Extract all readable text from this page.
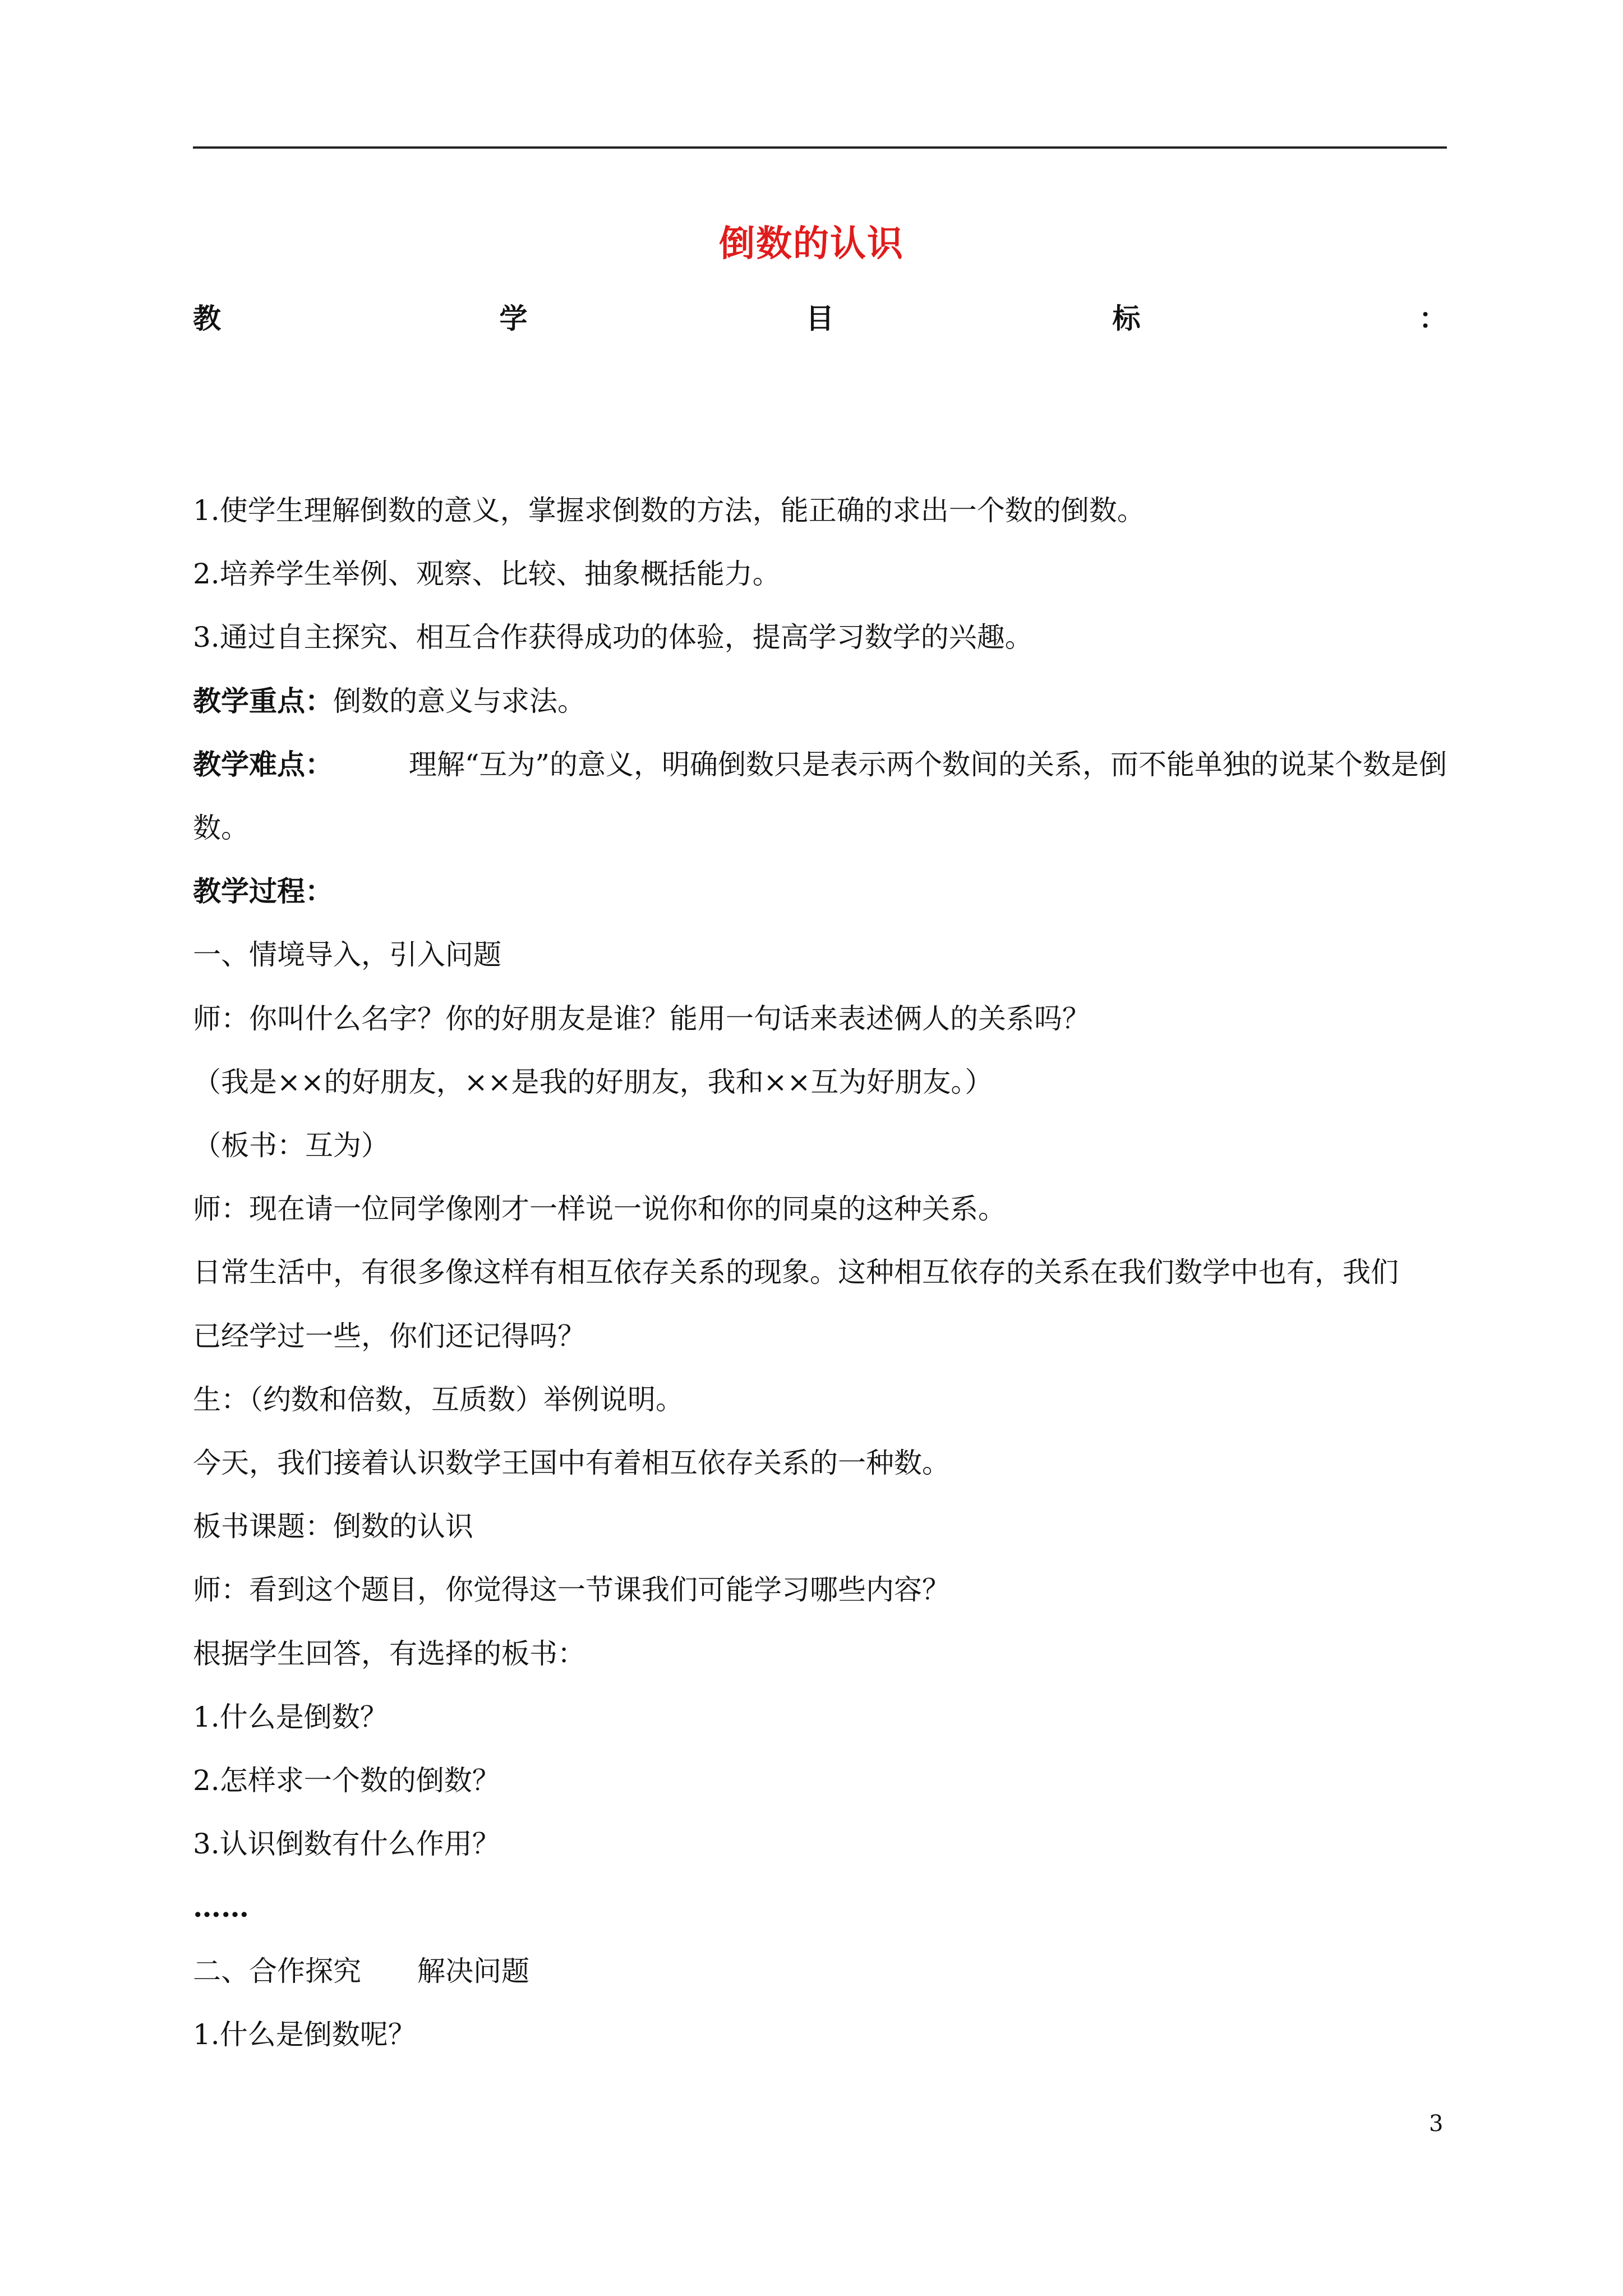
倒数的认识
教	学	目	标	：
1.使学生理解倒数的意义，掌握求倒数的方法，能正确的求出一个数的倒数。
2.培养学生举例、观察、比较、抽象概括能力。
3.通过自主探究、相互合作获得成功的体验，提高学习数学的兴趣。
教学重点：倒数的意义与求法。
教学难点：	理解“互为”的意义，明确倒数只是表示两个数间的关系，而不能单独的说某个数是倒
数。
教学过程：
一、情境导入，引入问题
师：你叫什么名字？你的好朋友是谁？能用一句话来表述俩人的关系吗？
（我是××的好朋友，××是我的好朋友，我和××互为好朋友。）
（板书：互为）
师：现在请一位同学像刚才一样说一说你和你的同桌的这种关系。
日常生活中，有很多像这样有相互依存关系的现象。这种相互依存的关系在我们数学中也有，我们
已经学过一些，你们还记得吗？
生：（约数和倍数，互质数）举例说明。
今天，我们接着认识数学王国中有着相互依存关系的一种数。
板书课题：倒数的认识
师：看到这个题目，你觉得这一节课我们可能学习哪些内容？
根据学生回答，有选择的板书：
1.什么是倒数？
2.怎样求一个数的倒数？
3.认识倒数有什么作用？
……
二、合作探究　　解决问题
1.什么是倒数呢？
3
